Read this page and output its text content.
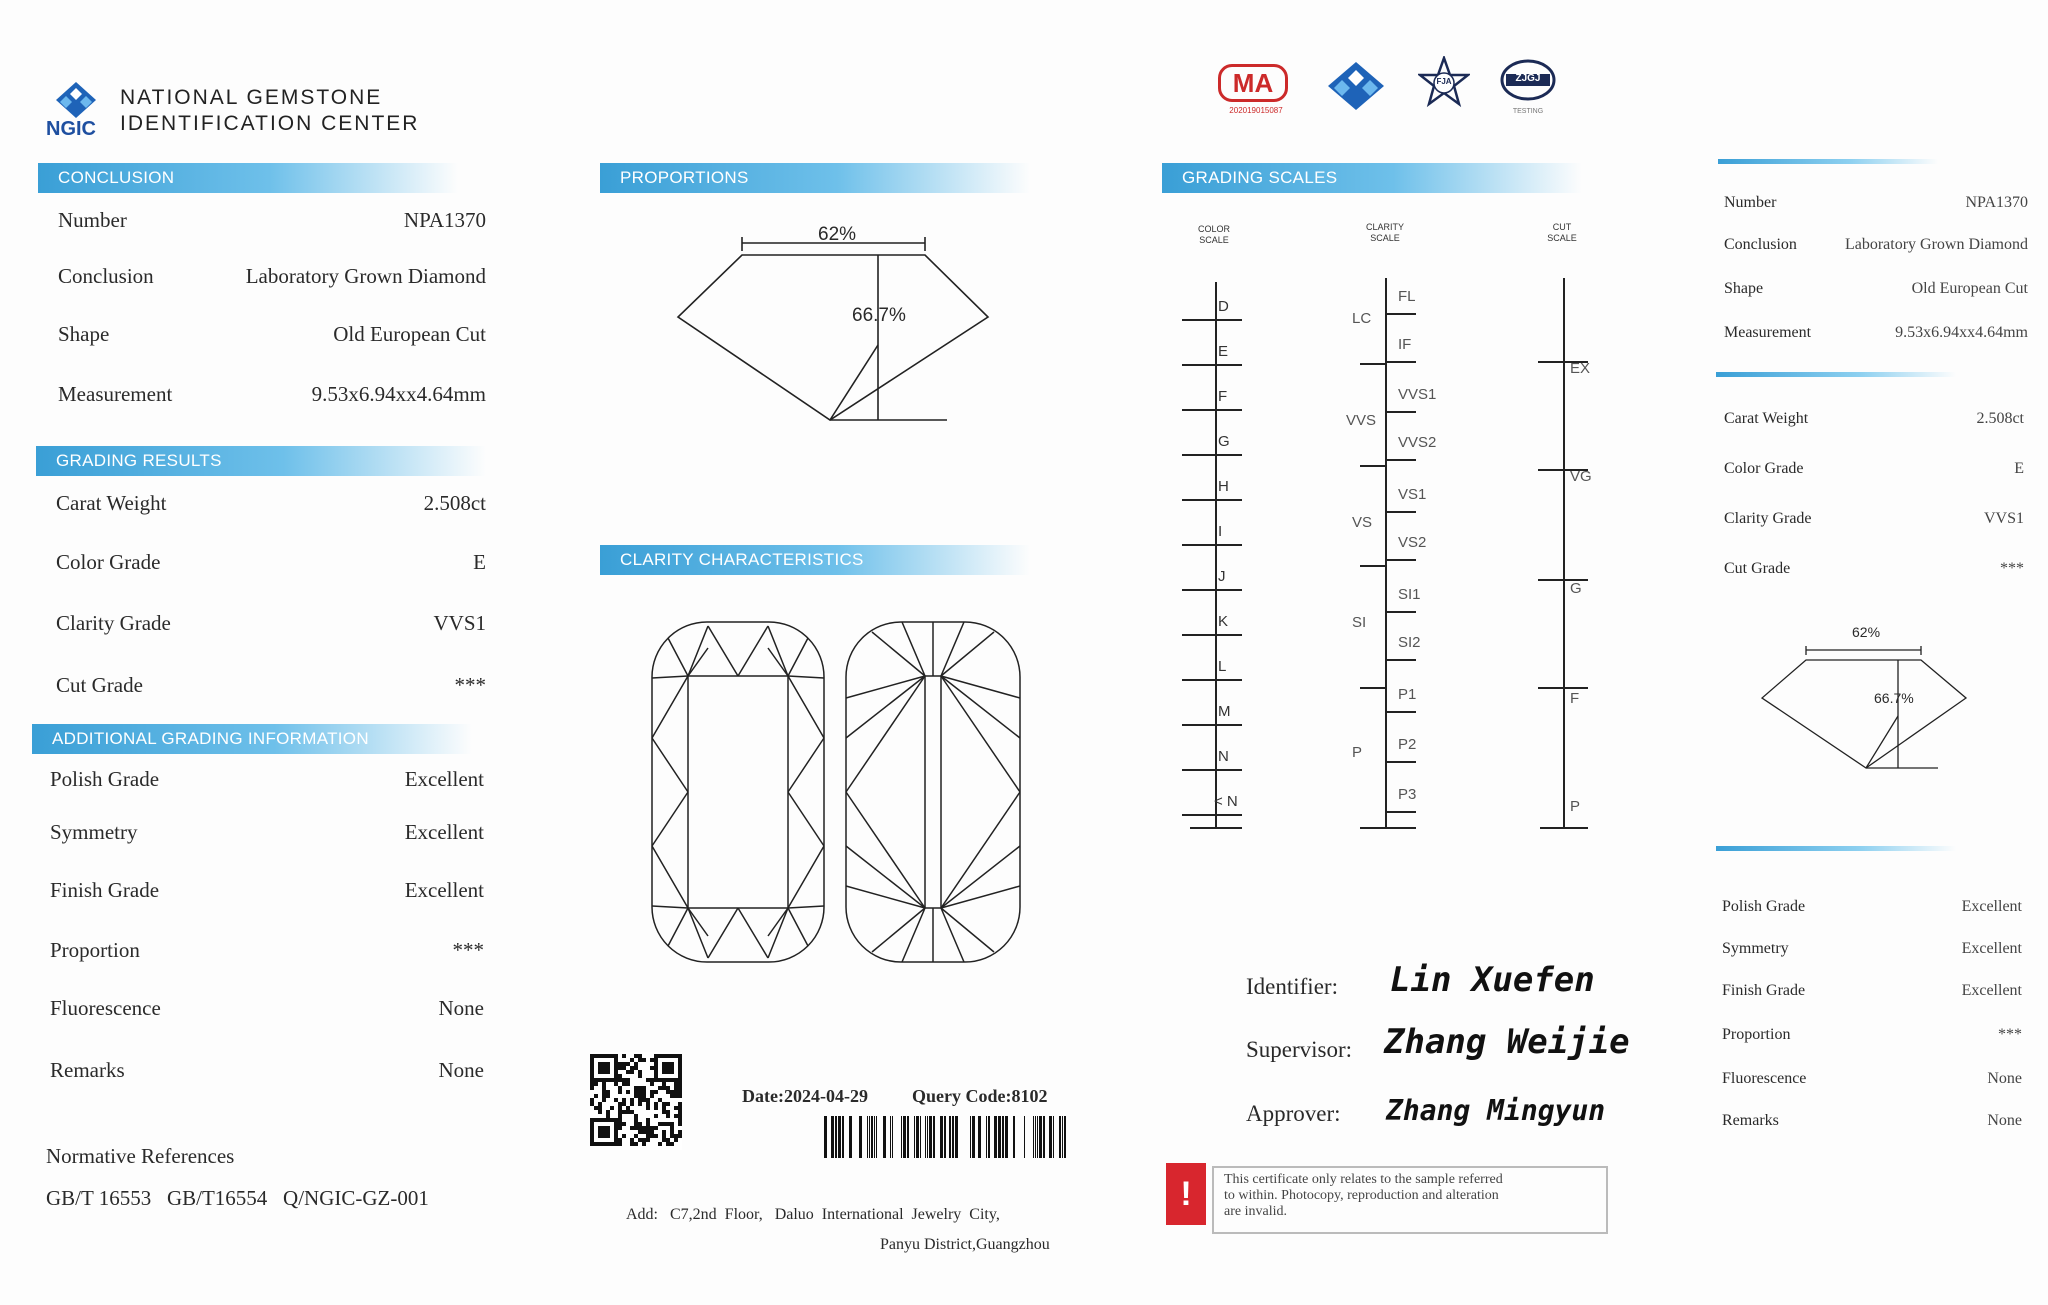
NGIC
NATIONAL GEMSTONE
IDENTIFICATION CENTER
CONCLUSION
Number	NPA1370
Conclusion	Laboratory Grown Diamond
Shape	Old European Cut
Measurement	9.53x6.94xx4.64mm
GRADING RESULTS
Carat Weight	2.508ct
Color Grade	E
Clarity Grade	VVS1
Cut Grade	***
ADDITIONAL GRADING INFORMATION
Polish Grade	Excellent
Symmetry	Excellent
Finish Grade	Excellent
Proportion	***
Fluorescence	None
Remarks	None
Normative References
GB/T 16553   GB/T16554   Q/NGIC-GZ-001
PROPORTIONS
62%
66.7%
CLARITY CHARACTERISTICS
Date:2024-04-29 Query Code:8102
Add:   C7,2nd  Floor,   Daluo  International  Jewelry  City,
Panyu District,Guangzhou
MA
202019015087
FJA	ZJGJ
TESTING
GRADING SCALES
COLOR
SCALE
CLARITY
SCALE
CUT
SCALE
D
E
F
G
H
I
J
K
L
M
N
< N
FL
IF
VVS1
VVS2
VS1
VS2
SI1
SI2
P1
P2
P3
LC
VVS
VS
SI
P
EX
VG
G
F
P
Identifier: Lin Xuefen
Supervisor: Zhang Weijie
Approver: Zhang Mingyun
!	This certificate only relates to the sample referred
to within. Photocopy, reproduction and alteration
are invalid.
Number	NPA1370
Conclusion	Laboratory Grown Diamond
Shape	Old European Cut
Measurement	9.53x6.94xx4.64mm
Carat Weight	2.508ct
Color Grade	E
Clarity Grade	VVS1
Cut Grade	***
62%
66.7%
Polish Grade	Excellent
Symmetry	Excellent
Finish Grade	Excellent
Proportion	***
Fluorescence	None
Remarks	None
